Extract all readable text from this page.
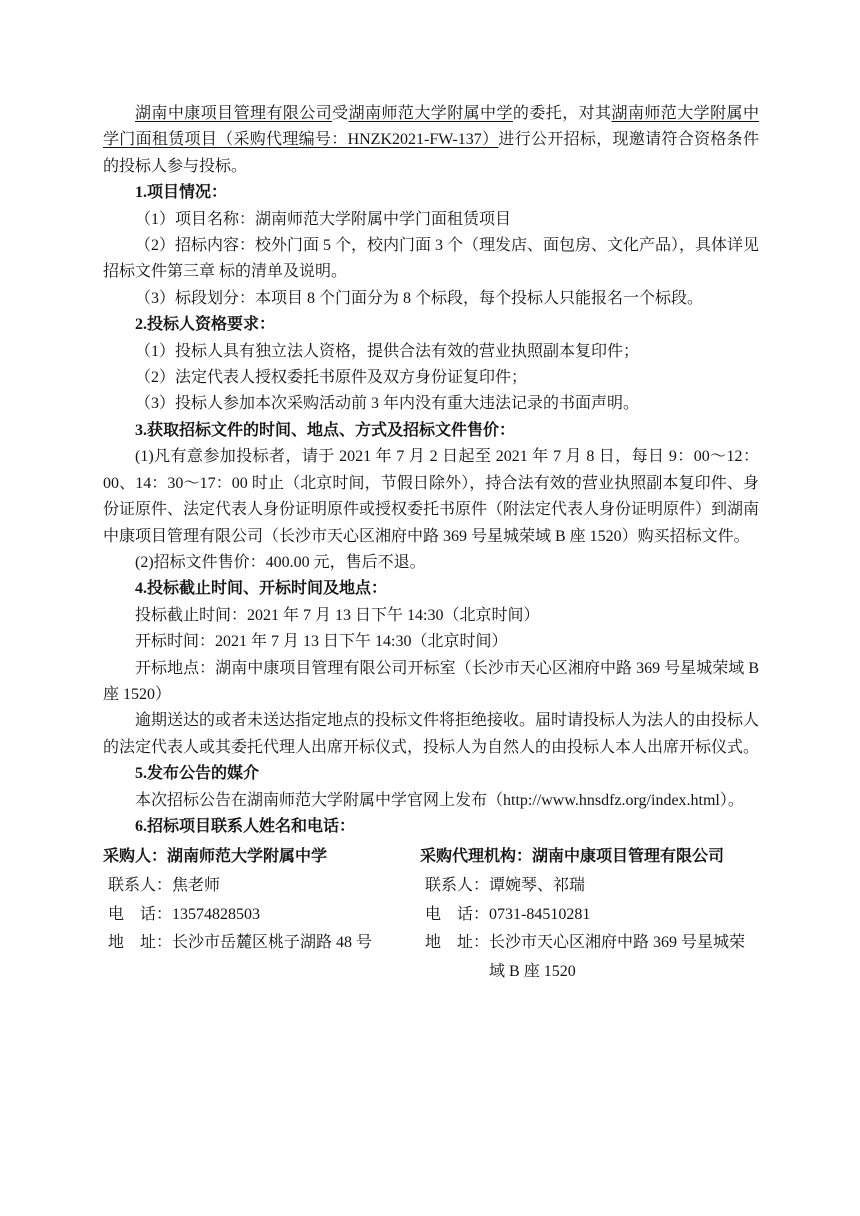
湖南中康项目管理有限公司受湖南师范大学附属中学的委托，对其湖南师范大学附属中学门面租赁项目（采购代理编号：HNZK2021-FW-137）进行公开招标，现邀请符合资格条件的投标人参与投标。

1.项目情况：

（1）项目名称：湖南师范大学附属中学门面租赁项目

（2）招标内容：校外门面 5 个，校内门面 3 个（理发店、面包房、文化产品），具体详见招标文件第三章 标的清单及说明。

（3）标段划分：本项目 8 个门面分为 8 个标段，每个投标人只能报名一个标段。

2.投标人资格要求：

（1）投标人具有独立法人资格，提供合法有效的营业执照副本复印件；

（2）法定代表人授权委托书原件及双方身份证复印件；

（3）投标人参加本次采购活动前 3 年内没有重大违法记录的书面声明。

3.获取招标文件的时间、地点、方式及招标文件售价：

(1)凡有意参加投标者，请于 2021 年 7 月 2 日起至 2021 年 7 月 8 日，每日 9：00～12：00、14：30～17：00 时止（北京时间，节假日除外），持合法有效的营业执照副本复印件、身份证原件、法定代表人身份证明原件或授权委托书原件（附法定代表人身份证明原件）到湖南中康项目管理有限公司（长沙市天心区湘府中路 369 号星城荣域 B 座 1520）购买招标文件。

(2)招标文件售价：400.00 元，售后不退。

4.投标截止时间、开标时间及地点：

投标截止时间：2021 年 7 月 13 日下午 14:30（北京时间）

开标时间：2021 年 7 月 13 日下午 14:30（北京时间）

开标地点：湖南中康项目管理有限公司开标室（长沙市天心区湘府中路 369 号星城荣域 B 座 1520）

逾期送达的或者未送达指定地点的投标文件将拒绝接收。届时请投标人为法人的由投标人的法定代表人或其委托代理人出席开标仪式，投标人为自然人的由投标人本人出席开标仪式。

5.发布公告的媒介

本次招标公告在湖南师范大学附属中学官网上发布（http://www.hnsdfz.org/index.html）。

6.招标项目联系人姓名和电话：

采购人： 湖南师范大学附属中学
联系人： 焦老师
电　话： 13574828503
地　址： 长沙市岳麓区桃子湖路 48 号
采购代理机构： 湖南中康项目管理有限公司
联系人： 谭婉琴、祁瑞
电　话： 0731-84510281
地　址： 长沙市天心区湘府中路 369 号星城荣域 B 座 1520
